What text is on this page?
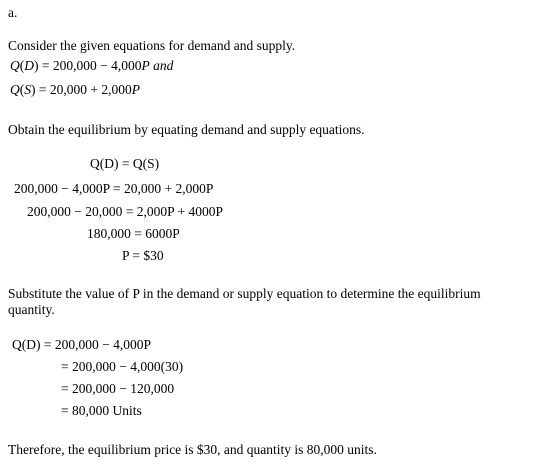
a.
Consider the given equations for demand and supply.
Q(D) = 200,000 − 4,000P and
Q(S) = 20,000 + 2,000P
Obtain the equilibrium by equating demand and supply equations.
Q(D) = Q(S)
200,000 − 4,000P = 20,000 + 2,000P
200,000 − 20,000 = 2,000P + 4000P
180,000 = 6000P
P = $30
Substitute the value of P in the demand or supply equation to determine the equilibrium
quantity.
Q(D) = 200,000 − 4,000P
= 200,000 − 4,000(30)
= 200,000 − 120,000
= 80,000 Units
Therefore, the equilibrium price is $30, and quantity is 80,000 units.
